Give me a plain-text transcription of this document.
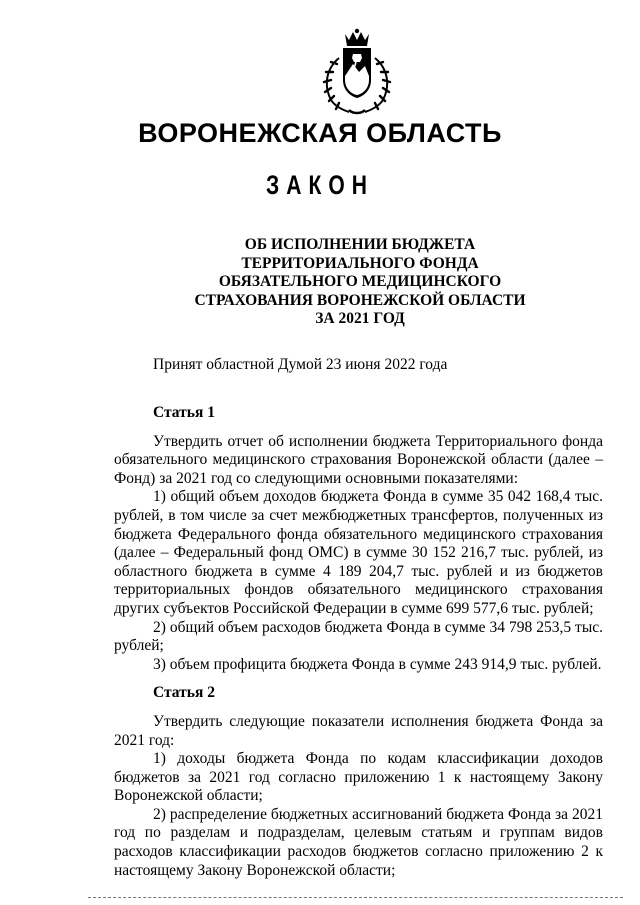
ВОРОНЕЖСКАЯ ОБЛАСТЬ
ЗАКОН
ОБ ИСПОЛНЕНИИ БЮДЖЕТА
ТЕРРИТОРИАЛЬНОГО ФОНДА
ОБЯЗАТЕЛЬНОГО МЕДИЦИНСКОГО
СТРАХОВАНИЯ ВОРОНЕЖСКОЙ ОБЛАСТИ
ЗА 2021 ГОД
Принят областной Думой 23 июня 2022 года

Статья 1

Утвердить отчет об исполнении бюджета Территориального фонда обязательного медицинского страхования Воронежской области (далее – Фонд) за 2021 год со следующими основными показателями:

1) общий объем доходов бюджета Фонда в сумме 35 042 168,4 тыс. рублей, в том числе за счет межбюджетных трансфертов, полученных из бюджета Федерального фонда обязательного медицинского страхования (далее – Федеральный фонд ОМС) в сумме 30 152 216,7 тыс. рублей, из областного бюджета в сумме 4 189 204,7 тыс. рублей и из бюджетов территориальных фондов обязательного медицинского страхования других субъектов Российской Федерации в сумме 699 577,6 тыс. рублей;

2) общий объем расходов бюджета Фонда в сумме 34 798 253,5 тыс. рублей;

3) объем профицита бюджета Фонда в сумме 243 914,9 тыс. рублей.

Статья 2

Утвердить следующие показатели исполнения бюджета Фонда за 2021 год:

1) доходы бюджета Фонда по кодам классификации доходов бюджетов за 2021 год согласно приложению 1 к настоящему Закону Воронежской области;

2) распределение бюджетных ассигнований бюджета Фонда за 2021 год по разделам и подразделам, целевым статьям и группам видов расходов классификации расходов бюджетов согласно приложению 2 к настоящему Закону Воронежской области;
